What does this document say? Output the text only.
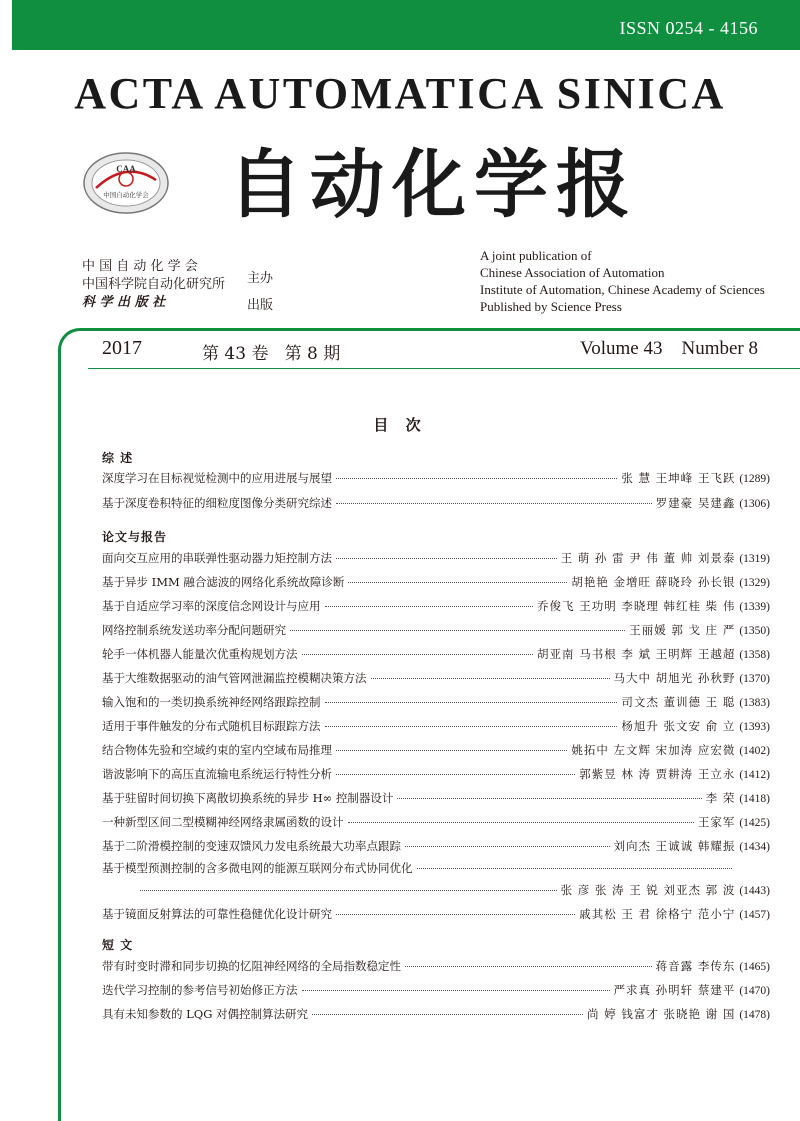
ISSN 0254 - 4156
ACTA AUTOMATICA SINICA
CAA
中国自动化学会 自动化学报
中 国 自 动 化 学 会
中国科学院自动化研究所
科 学 出 版 社
主办
出版
A joint publication of
Chinese Association of Automation
Institute of Automation, Chinese Academy of Sciences
Published by Science Press
2017	第 43 卷   第 8 期	Volume 43    Number 8
目 次
综 述
深度学习在目标视觉检测中的应用进展与展望	张 慧 王坤峰 王飞跃 (1289)
基于深度卷积特征的细粒度图像分类研究综述	罗建豪 吴建鑫 (1306)
论文与报告
面向交互应用的串联弹性驱动器力矩控制方法	王 萌 孙 雷 尹 伟 董 帅 刘景泰 (1319)
基于异步 IMM 融合滤波的网络化系统故障诊断	胡艳艳 金增旺 薛晓玲 孙长银 (1329)
基于自适应学习率的深度信念网设计与应用	乔俊飞 王功明 李晓理 韩红桂 柴 伟 (1339)
网络控制系统发送功率分配问题研究	王丽媛 郭 戈 庄 严 (1350)
轮手一体机器人能量次优重构规划方法	胡亚南 马书根 李 斌 王明辉 王越超 (1358)
基于大维数据驱动的油气管网泄漏监控模糊决策方法	马大中 胡旭光 孙秋野 (1370)
输入饱和的一类切换系统神经网络跟踪控制	司文杰 董训德 王 聪 (1383)
适用于事件触发的分布式随机目标跟踪方法	杨旭升 张文安 俞 立 (1393)
结合物体先验和空域约束的室内空域布局推理	姚拓中 左文辉 宋加涛 应宏微 (1402)
谐波影响下的高压直流输电系统运行特性分析	郭紫昱 林 涛 贾耕涛 王立永 (1412)
基于驻留时间切换下离散切换系统的异步 H∞ 控制器设计	李 荣 (1418)
一种新型区间二型模糊神经网络隶属函数的设计	王家军 (1425)
基于二阶滑模控制的变速双馈风力发电系统最大功率点跟踪	刘向杰 王诚诚 韩耀振 (1434)
基于模型预测控制的含多微电网的能源互联网分布式协同优化
张 彦 张 涛 王 锐 刘亚杰 郭 波 (1443)
基于镜面反射算法的可靠性稳健优化设计研究	戚其松 王 君 徐格宁 范小宁 (1457)
短 文
带有时变时滞和同步切换的忆阻神经网络的全局指数稳定性	蒋音露 李传东 (1465)
迭代学习控制的参考信号初始修正方法	严求真 孙明轩 蔡建平 (1470)
具有未知参数的 LQG 对偶控制算法研究	尚 婷 钱富才 张晓艳 谢 国 (1478)
